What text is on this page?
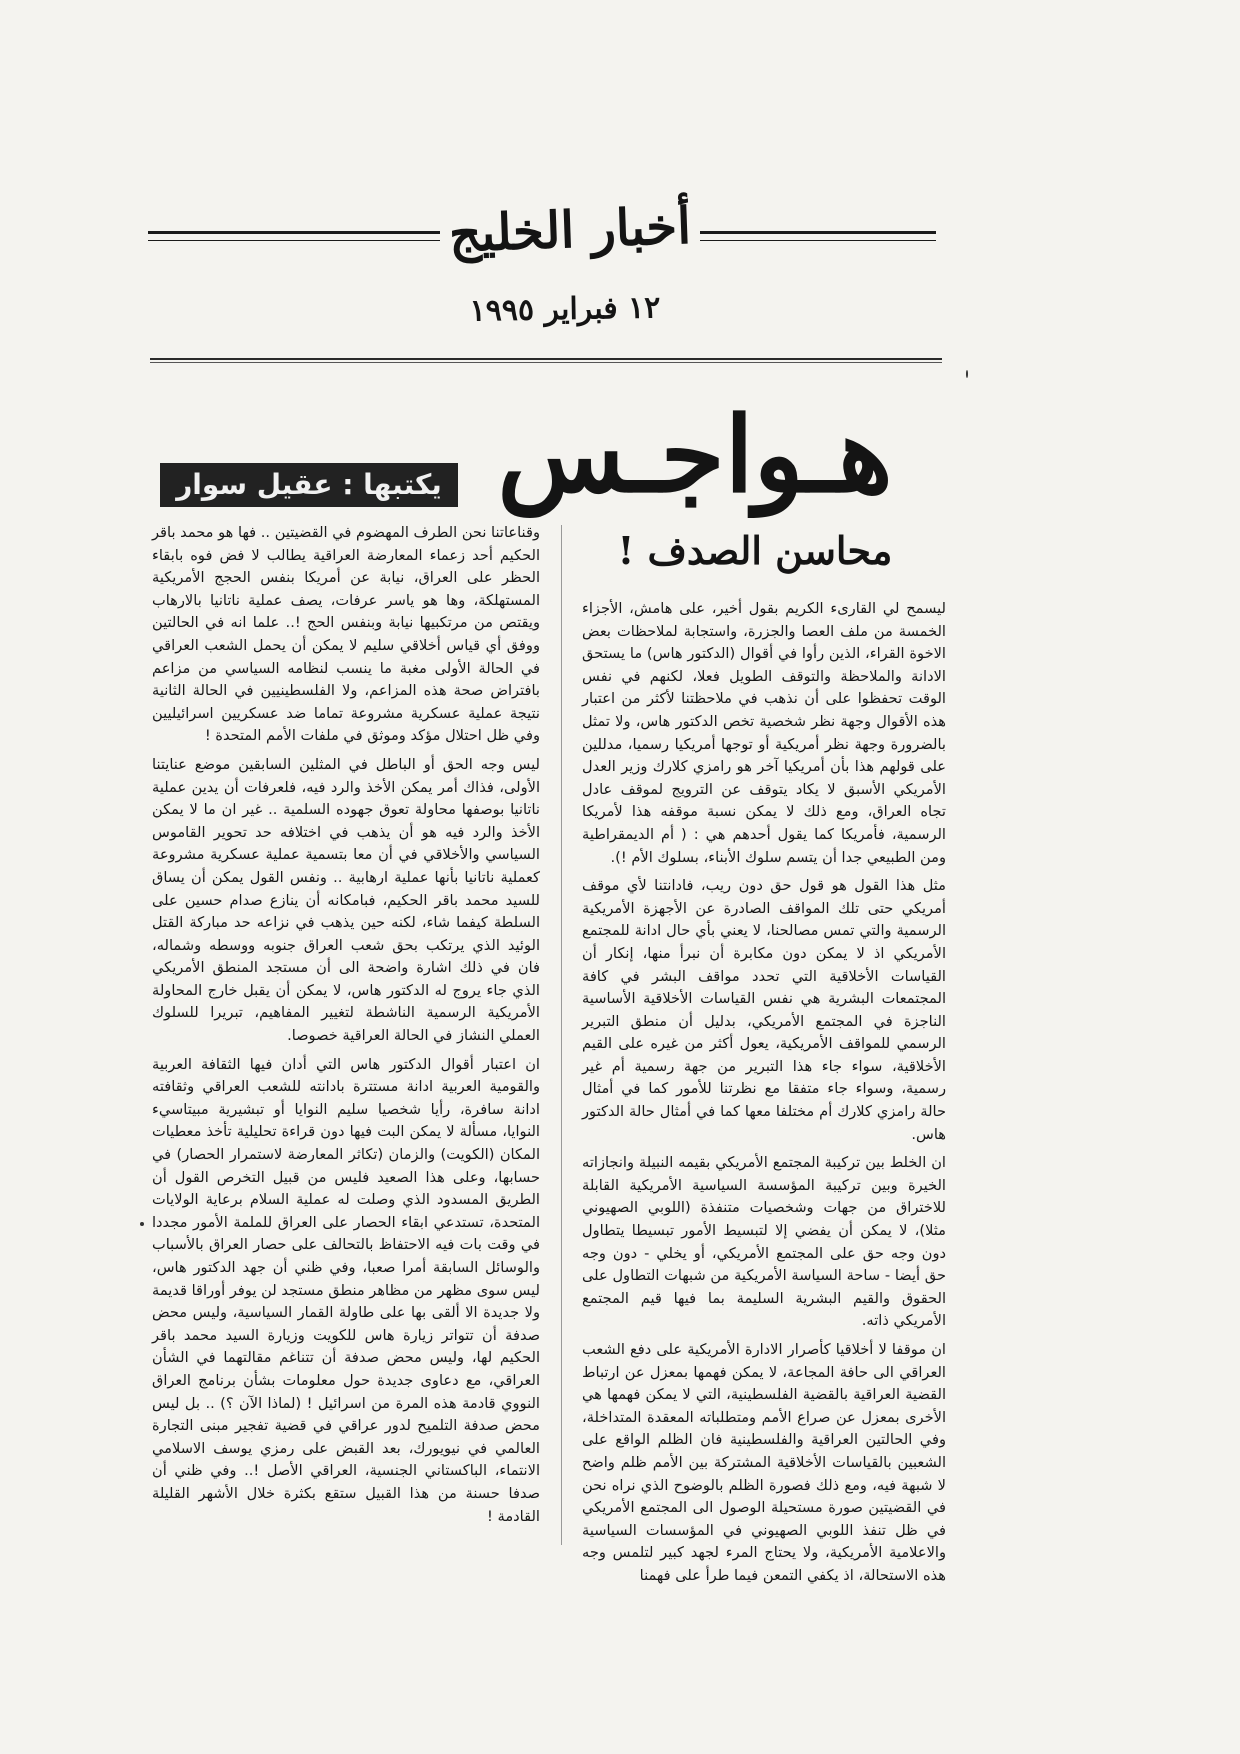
أخبار الخليج
١٢ فبراير ١٩٩٥
هـواجـس
يكتبها : عقيل سوار
محاسن الصدف !

ليسمح لي القارىء الكريم بقول أخير، على هامش، الأجزاء الخمسة من ملف العصا والجزرة، واستجابة لملاحظات بعض الاخوة القراء، الذين رأوا في أقوال (الدكتور هاس) ما يستحق الادانة والملاحظة والتوقف الطويل فعلا، لكنهم في نفس الوقت تحفظوا على أن نذهب في ملاحظتنا لأكثر من اعتبار هذه الأقوال وجهة نظر شخصية تخص الدكتور هاس، ولا تمثل بالضرورة وجهة نظر أمريكية أو توجها أمريكيا رسميا، مدللين على قولهم هذا بأن أمريكيا آخر هو رامزي كلارك وزير العدل الأمريكي الأسبق لا يكاد يتوقف عن الترويج لموقف عادل تجاه العراق، ومع ذلك لا يمكن نسبة موقفه هذا لأمريكا الرسمية، فأمريكا كما يقول أحدهم هي : ( أم الديمقراطية ومن الطبيعي جدا أن يتسم سلوك الأبناء، بسلوك الأم !).

مثل هذا القول هو قول حق دون ريب، فادانتنا لأي موقف أمريكي حتى تلك المواقف الصادرة عن الأجهزة الأمريكية الرسمية والتي تمس مصالحنا، لا يعني بأي حال ادانة للمجتمع الأمريكي اذ لا يمكن دون مكابرة أن نبرأ منها، إنكار أن القياسات الأخلاقية التي تحدد مواقف البشر في كافة المجتمعات البشرية هي نفس القياسات الأخلاقية الأساسية الناجزة في المجتمع الأمريكي، بدليل أن منطق التبرير الرسمي للمواقف الأمريكية، يعول أكثر من غيره على القيم الأخلاقية، سواء جاء هذا التبرير من جهة رسمية أم غير رسمية، وسواء جاء متفقا مع نظرتنا للأمور كما في أمثال حالة رامزي كلارك أم مختلفا معها كما في أمثال حالة الدكتور هاس.

ان الخلط بين تركيبة المجتمع الأمريكي بقيمه النبيلة وانجازاته الخيرة وبين تركيبة المؤسسة السياسية الأمريكية القابلة للاختراق من جهات وشخصيات متنفذة (اللوبي الصهيوني مثلا)، لا يمكن أن يفضي إلا لتبسيط الأمور تبسيطا يتطاول دون وجه حق على المجتمع الأمريكي، أو يخلي - دون وجه حق أيضا - ساحة السياسة الأمريكية من شبهات التطاول على الحقوق والقيم البشرية السليمة بما فيها قيم المجتمع الأمريكي ذاته.

ان موقفا لا أخلاقيا كأصرار الادارة الأمريكية على دفع الشعب العراقي الى حافة المجاعة، لا يمكن فهمها بمعزل عن ارتباط القضية العراقية بالقضية الفلسطينية، التي لا يمكن فهمها هي الأخرى بمعزل عن صراع الأمم ومتطلباته المعقدة المتداخلة، وفي الحالتين العراقية والفلسطينية فان الظلم الواقع على الشعبين بالقياسات الأخلاقية المشتركة بين الأمم ظلم واضح لا شبهة فيه، ومع ذلك فصورة الظلم بالوضوح الذي نراه نحن في القضيتين صورة مستحيلة الوصول الى المجتمع الأمريكي في ظل تنفذ اللوبي الصهيوني في المؤسسات السياسية والاعلامية الأمريكية، ولا يحتاج المرء لجهد كبير لتلمس وجه هذه الاستحالة، اذ يكفي التمعن فيما طرأ على فهمنا

وقناعاتنا نحن الطرف المهضوم في القضيتين .. فها هو محمد باقر الحكيم أحد زعماء المعارضة العراقية يطالب لا فض فوه بابقاء الحظر على العراق، نيابة عن أمريكا بنفس الحجج الأمريكية المستهلكة، وها هو ياسر عرفات، يصف عملية ناتانيا بالارهاب ويقتص من مرتكبيها نيابة وبنفس الحج !.. علما انه في الحالتين ووفق أي قياس أخلاقي سليم لا يمكن أن يحمل الشعب العراقي في الحالة الأولى مغبة ما ينسب لنظامه السياسي من مزاعم بافتراض صحة هذه المزاعم، ولا الفلسطينيين في الحالة الثانية نتيجة عملية عسكرية مشروعة تماما ضد عسكريين اسرائيليين وفي ظل احتلال مؤكد وموثق في ملفات الأمم المتحدة !

ليس وجه الحق أو الباطل في المثلين السابقين موضع عنايتنا الأولى، فذاك أمر يمكن الأخذ والرد فيه، فلعرفات أن يدين عملية ناتانيا بوصفها محاولة تعوق جهوده السلمية .. غير ان ما لا يمكن الأخذ والرد فيه هو أن يذهب في اختلافه حد تحوير القاموس السياسي والأخلاقي في أن معا بتسمية عملية عسكرية مشروعة كعملية ناتانيا بأنها عملية ارهابية .. ونفس القول يمكن أن يساق للسيد محمد باقر الحكيم، فبامكانه أن ينازع صدام حسين على السلطة كيفما شاء، لكنه حين يذهب في نزاعه حد مباركة القتل الوئيد الذي يرتكب بحق شعب العراق جنوبه ووسطه وشماله، فان في ذلك اشارة واضحة الى أن مستجد المنطق الأمريكي الذي جاء يروج له الدكتور هاس، لا يمكن أن يقبل خارج المحاولة الأمريكية الرسمية الناشطة لتغيير المفاهيم، تبريرا للسلوك العملي النشاز في الحالة العراقية خصوصا.

ان اعتبار أقوال الدكتور هاس التي أدان فيها الثقافة العربية والقومية العربية ادانة مستترة بادانته للشعب العراقي وثقافته ادانة سافرة، رأيا شخصيا سليم النوايا أو تبشيرية مبيتاسيء النوايا، مسألة لا يمكن البت فيها دون قراءة تحليلية تأخذ معطيات المكان (الكويت) والزمان (تكاثر المعارضة لاستمرار الحصار) في حسابها، وعلى هذا الصعيد فليس من قبيل التخرص القول أن الطريق المسدود الذي وصلت له عملية السلام برعاية الولايات المتحدة، تستدعي ابقاء الحصار على العراق للملمة الأمور مجددا في وقت بات فيه الاحتفاظ بالتحالف على حصار العراق بالأسباب والوسائل السابقة أمرا صعبا، وفي ظني أن جهد الدكتور هاس، ليس سوى مظهر من مظاهر منطق مستجد لن يوفر أوراقا قديمة ولا جديدة الا ألقى بها على طاولة القمار السياسية، وليس محض صدفة أن تتواتر زيارة هاس للكويت وزيارة السيد محمد باقر الحكيم لها، وليس محض صدفة أن تتناغم مقالتهما في الشأن العراقي، مع دعاوى جديدة حول معلومات بشأن برنامج العراق النووي قادمة هذه المرة من اسرائيل ! (لماذا الآن ؟) .. بل ليس محض صدفة التلميح لدور عراقي في قضية تفجير مبنى التجارة العالمي في نيويورك، بعد القبض على رمزي يوسف الاسلامي الانتماء، الباكستاني الجنسية، العراقي الأصل !.. وفي ظني أن صدفا حسنة من هذا القبيل ستقع بكثرة خلال الأشهر القليلة القادمة !
